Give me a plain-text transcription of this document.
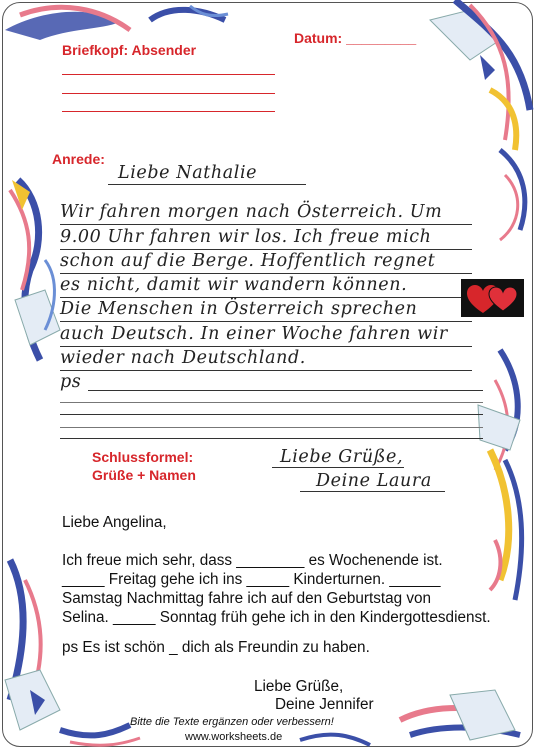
Datum: _________
Briefkopf: Absender
Anrede:
Liebe Nathalie
Wir fahren morgen nach Österreich. Um
9.00 Uhr fahren wir los. Ich freue mich
schon auf die Berge. Hoffentlich regnet
es nicht, damit wir wandern können.
Die Menschen in Österreich sprechen
auch Deutsch. In einer Woche fahren wir
wieder nach Deutschland.
ps
Schlussformel:
Grüße + Namen
Liebe Grüße,
Deine Laura
Liebe Angelina,
Ich freue mich sehr, dass ________ es Wochenende ist.
_____ Freitag gehe ich ins _____ Kinderturnen. ______
Samstag Nachmittag fahre ich auf den Geburtstag von
Selina. _____ Sonntag früh gehe ich in den Kindergottesdienst.
ps Es ist schön _ dich als Freundin zu haben.
Liebe Grüße,
Deine Jennifer
Bitte die Texte ergänzen oder verbessern!
www.worksheets.de
